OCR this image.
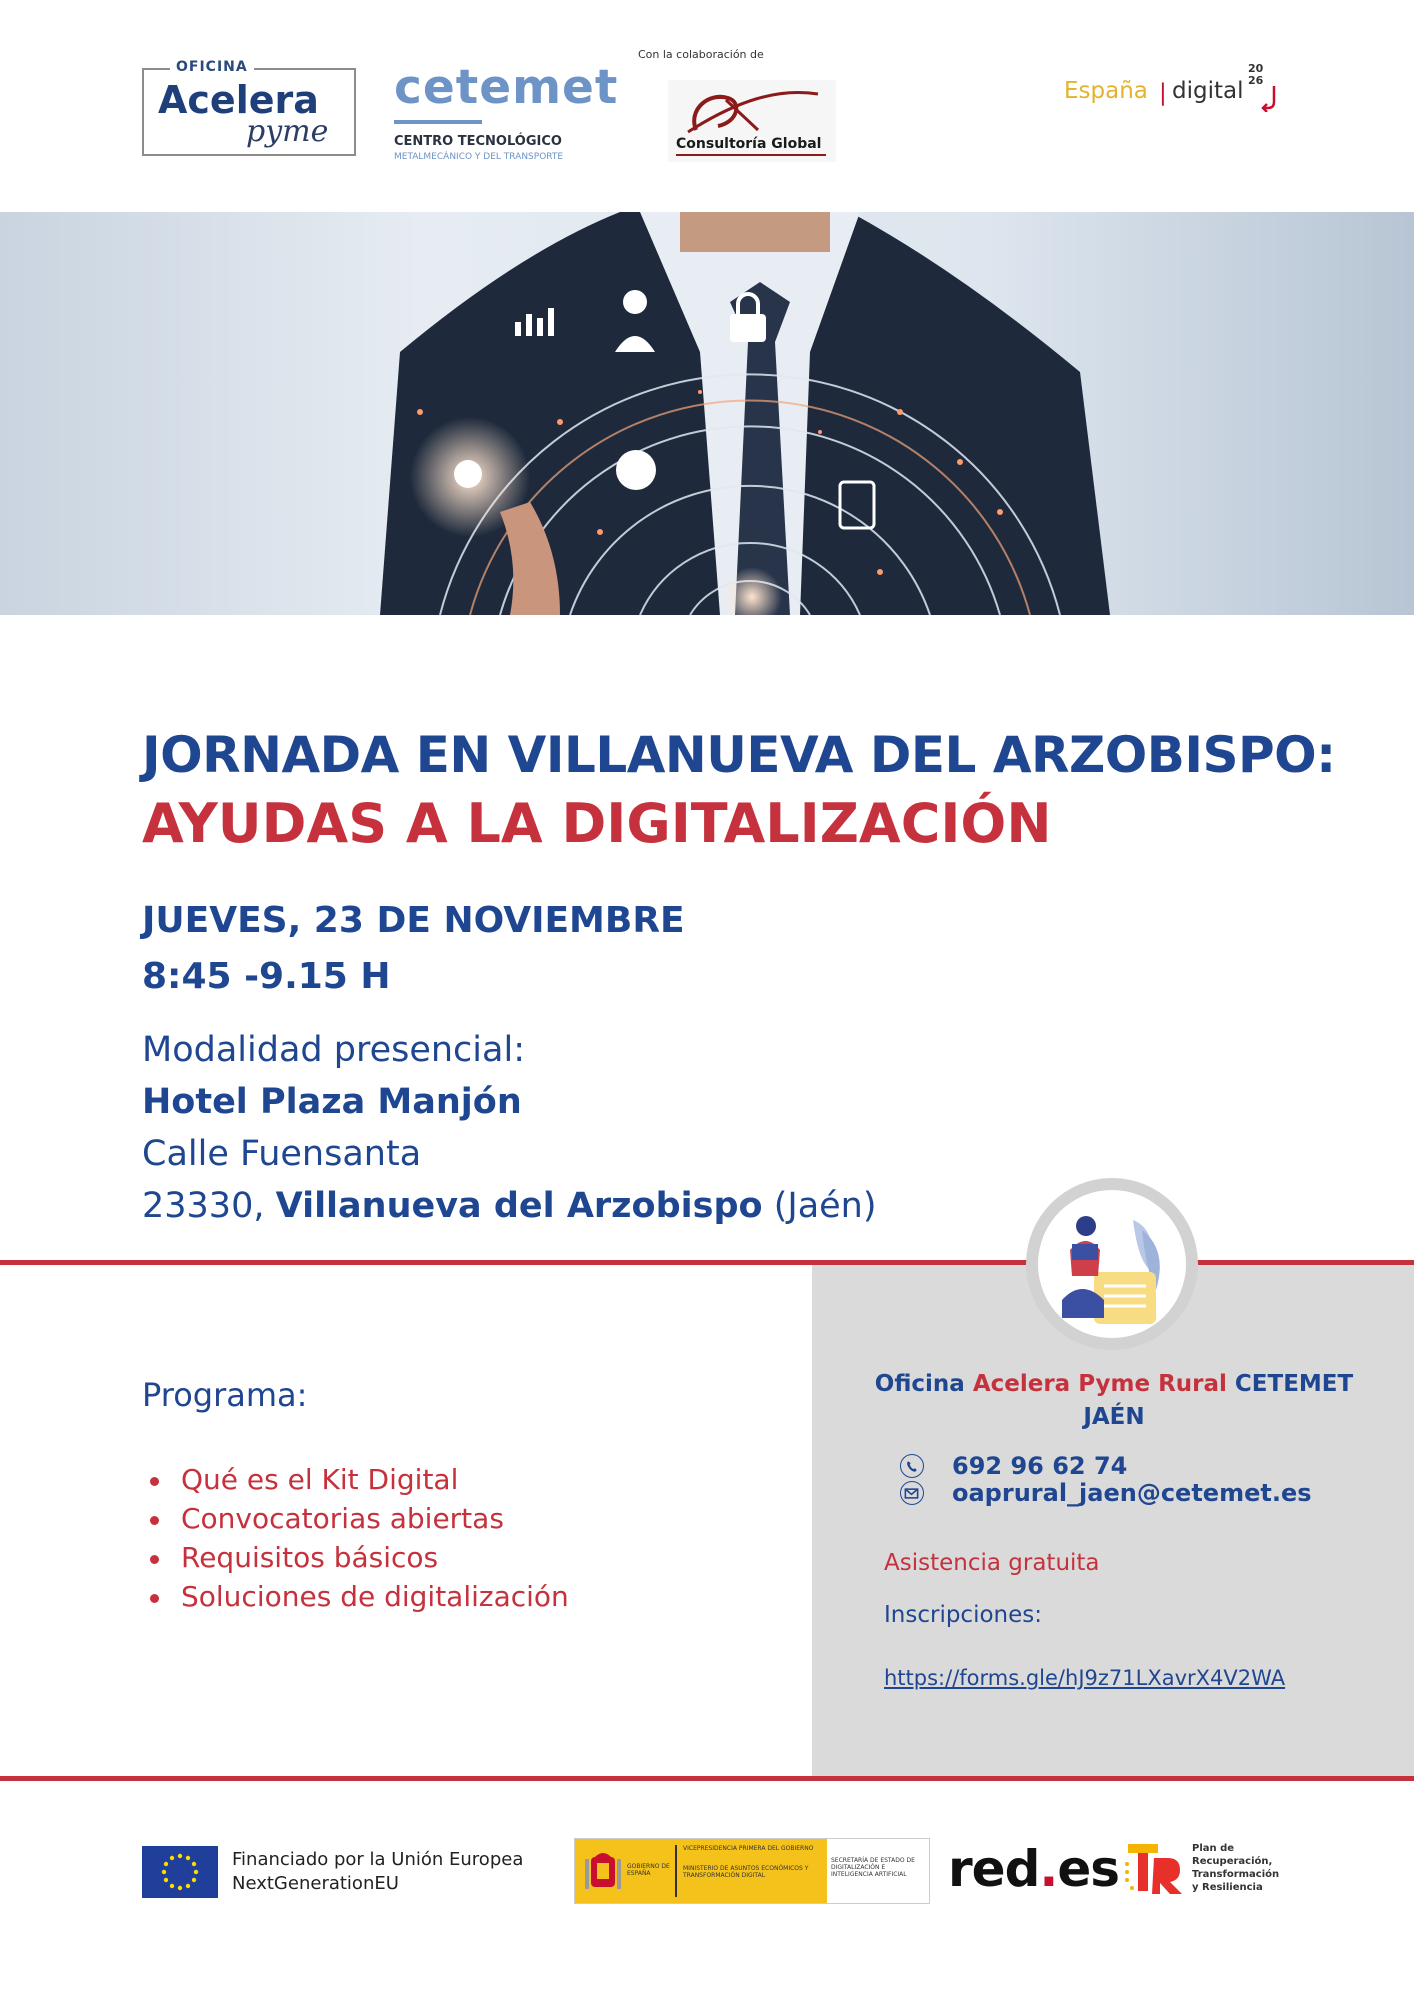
OFICINA
Acelera
pyme
cetemet
CENTRO TECNOLÓGICO
METALMECÁNICO Y DEL TRANSPORTE
Con la colaboración de
Consultoría Global
España | digital
20
26
JORNADA EN VILLANUEVA DEL ARZOBISPO:
AYUDAS A LA DIGITALIZACIÓN
JUEVES, 23 DE NOVIEMBRE
8:45 -9.15 H
Modalidad presencial:
Hotel Plaza Manjón
Calle Fuensanta
23330, Villanueva del Arzobispo (Jaén)
Programa:
Qué es el Kit Digital
Convocatorias abiertas
Requisitos básicos
Soluciones de digitalización
Oficina Acelera Pyme Rural CETEMET
JAÉN
692 96 62 74
oaprural_jaen@cetemet.es
Asistencia gratuita
Inscripciones:
https://forms.gle/hJ9z71LXavrX4V2WA
Financiado por la Unión Europea
NextGenerationEU
GOBIERNO DE ESPAÑA
VICEPRESIDENCIA PRIMERA DEL GOBIERNO
MINISTERIO DE ASUNTOS ECONÓMICOS Y TRANSFORMACIÓN DIGITAL
SECRETARÍA DE ESTADO DE DIGITALIZACIÓN E INTELIGENCIA ARTIFICIAL red.es	Plan de
Recuperación,
Transformación
y Resiliencia
